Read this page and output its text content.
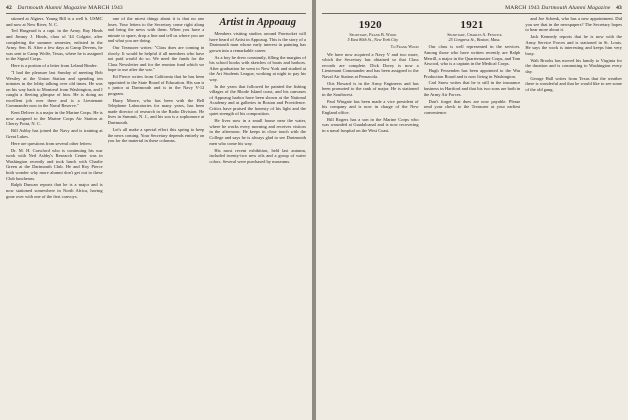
42 Dartmouth Alumni Magazine MARCH 1943

stioned at Algiers. Young Bill is a well b. USMC and now at New River, N. C.

Ted Hasgeard is a capt. in the Army. Ray Hinds and Jimmy J. Hinds, class of '44 Colgate, after completing the summer semester, enlisted in the Army. Sen. R. After a few days at Camp Devens, he was sent to Camp Wolfe, Texas, where he is assigned to the Signal Corps.

Here is a portion of a letter from Leland Binder:

"I had the pleasure last Sunday of meeting Bob Westley at the Union Station and spending ten minutes in the lobby talking over old times. He was on his way back to Montreal from Washington, and I caught a fleeting glimpse of him. He is doing an excellent job over there and is a Lieutenant Commander now in the Naval Reserve."

Kent Deliver is a major in the Marine Corps. He is now assigned to the Marine Corps Air Station at Cherry Point, N. C.

Bill Ashby has joined the Navy and is training at Great Lakes.

Here are questions from several other letters:

Dr. M. H. Crawford who is continuing his war work with Ned Ashby's Research Center was in Washington recently and took lunch with Charlie Green at the Dartmouth Club. He and Roy Pierce both wonder why more alumni don't get out to these Club luncheons.

Ralph Duncan reports that he is a major and is now stationed somewhere in North Africa, having gone over with one of the first convoys.

one of the nicest things about it is that no one loses. Your letters to the Secretary come right along and bring the news with them. When you have a minute to spare, drop a line and tell us where you are and what you are doing.

Our Treasurer writes: "Class dues are coming in slowly. It would be helpful if all members who have not paid would do so. We need the funds for the Class Newsletter and for the reunion fund which we hope to use after the war."

Ed Pierce writes from California that he has been appointed to the State Board of Education. His son is a junior at Dartmouth and is in the Navy V-12 program.

Harry Moore, who has been with the Bell Telephone Laboratories for many years, has been made director of research in the Radio Division. He lives in Summit, N. J., and his son is a sophomore at Dartmouth.

Let's all make a special effort this spring to keep the news coming. Your Secretary depends entirely on you for the material in these columns.

Artist in Appoaug

Members visiting studios around Pawtucket will have heard of Artist in Appoaug. This is the story of a Dartmouth man whose early interest in painting has grown into a remarkable career.

As a boy he drew constantly, filling the margins of his school books with sketches of boats and harbors. After graduation he went to New York and studied at the Art Students League, working at night to pay his way.

In the years that followed he painted the fishing villages of the Rhode Island coast, and his canvases of Appoaug harbor have been shown at the National Academy and at galleries in Boston and Providence. Critics have praised the honesty of his light and the quiet strength of his composition.

He lives now in a small house near the water, where he works every morning and receives visitors in the afternoon. He keeps in close touch with the College and says he is always glad to see Dartmouth men who come his way.

His most recent exhibition, held last autumn, included twenty-two new oils and a group of water colors. Several were purchased by museums.

MARCH 1943 Dartmouth Alumni Magazine 43
1920

Secretary, Frank B. Wood

5 East 80th St., New York City

To Frank Wood

We have now acquired a Navy V and two more, which the Secretary has obtained so that Class records are complete. Dick Dorey is now a Lieutenant Commander and has been assigned to the Naval Air Station at Pensacola.

Otis Howard is in the Army Engineers and has been promoted to the rank of major. He is stationed in the Southwest.

Paul Wingate has been made a vice president of his company and is now in charge of the New England office.

Bill Rogers has a son in the Marine Corps who was wounded at Guadalcanal and is now recovering in a naval hospital on the West Coast.

1921

Secretary, Charles A. Fenwick

25 Congress St., Boston, Mass.

Our class is well represented in the services. Among those who have written recently are Ralph Merrill, a major in the Quartermaster Corps, and Tom Atwood, who is a captain in the Medical Corps.

Hugh Fessenden has been appointed to the War Production Board and is now living in Washington.

Carl Snow writes that he is still in the insurance business in Hartford and that his two sons are both in the Army Air Forces.

Don't forget that dues are now payable. Please send your check to the Treasurer at your earliest convenience.

and Joe Schenk, who has a new appointment. Did you see that in the newspapers? The Secretary hopes to hear more about it.

Jack Kennedy reports that he is now with the Army Service Forces and is stationed in St. Louis. He says the work is interesting and keeps him very busy.

Walt Brooks has moved his family to Virginia for the duration and is commuting to Washington every day.

George Hall writes from Texas that the weather there is wonderful and that he would like to see some of the old gang.
